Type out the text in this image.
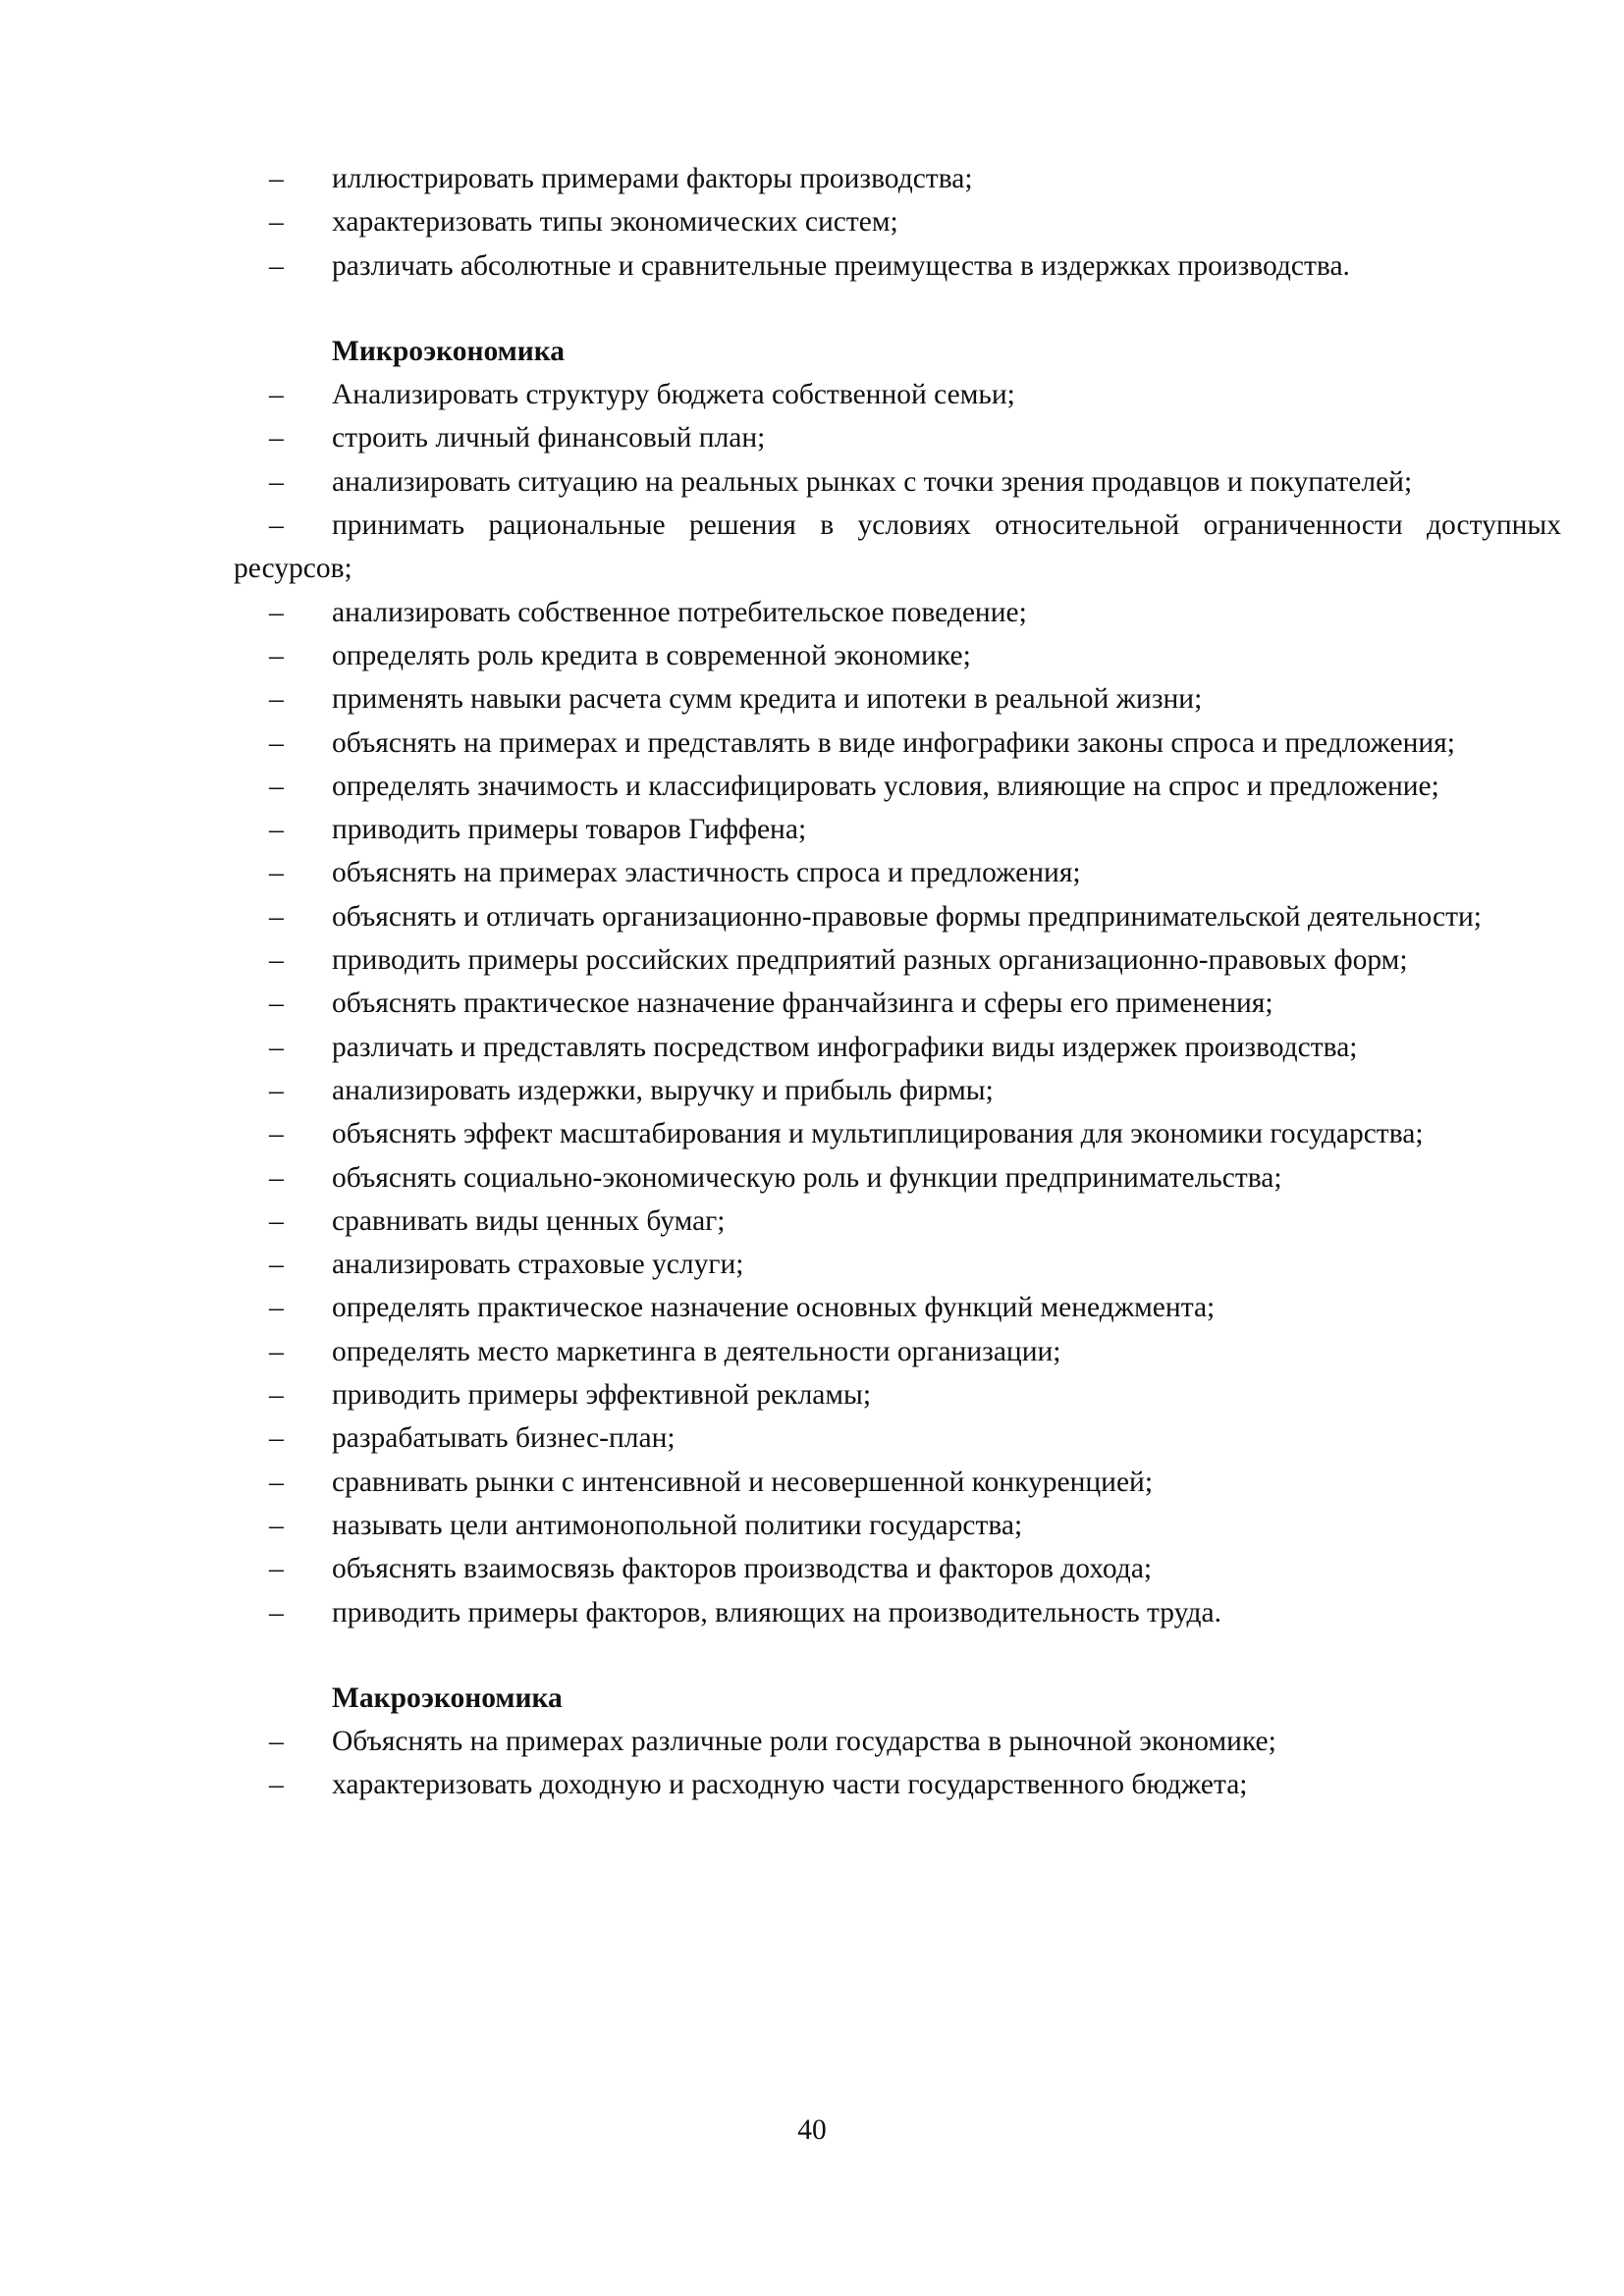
–	иллюстрировать примерами факторы производства;
–	характеризовать типы экономических систем;
–	различать абсолютные и сравнительные преимущества в издержках производства.
Микроэкономика
–	Анализировать структуру бюджета собственной семьи;
–	строить личный финансовый план;
–	анализировать ситуацию на реальных рынках с точки зрения продавцов и покупателей;
–	принимать рациональные решения в условиях относительной ограниченности доступных ресурсов;
–	анализировать собственное потребительское поведение;
–	определять роль кредита в современной экономике;
–	применять навыки расчета сумм кредита и ипотеки в реальной жизни;
–	объяснять на примерах и представлять в виде инфографики законы спроса и предложения;
–	определять значимость и классифицировать условия, влияющие на спрос и предложение;
–	приводить примеры товаров Гиффена;
–	объяснять на примерах эластичность спроса и предложения;
–	объяснять и отличать организационно-правовые формы предпринимательской деятельности;
–	приводить примеры российских предприятий разных организационно-правовых форм;
–	объяснять практическое назначение франчайзинга и сферы его применения;
–	различать и представлять посредством инфографики виды издержек производства;
–	анализировать издержки, выручку и прибыль фирмы;
–	объяснять эффект масштабирования и мультиплицирования для экономики государства;
–	объяснять социально-экономическую роль и функции предпринимательства;
–	сравнивать виды ценных бумаг;
–	анализировать страховые услуги;
–	определять практическое назначение основных функций менеджмента;
–	определять место маркетинга в деятельности организации;
–	приводить примеры эффективной рекламы;
–	разрабатывать бизнес-план;
–	сравнивать рынки с интенсивной и несовершенной конкуренцией;
–	называть цели антимонопольной политики государства;
–	объяснять взаимосвязь факторов производства и факторов дохода;
–	приводить примеры факторов, влияющих на производительность труда.
Макроэкономика
–	Объяснять на примерах различные роли государства в рыночной экономике;
–	характеризовать доходную и расходную части государственного бюджета;
40
